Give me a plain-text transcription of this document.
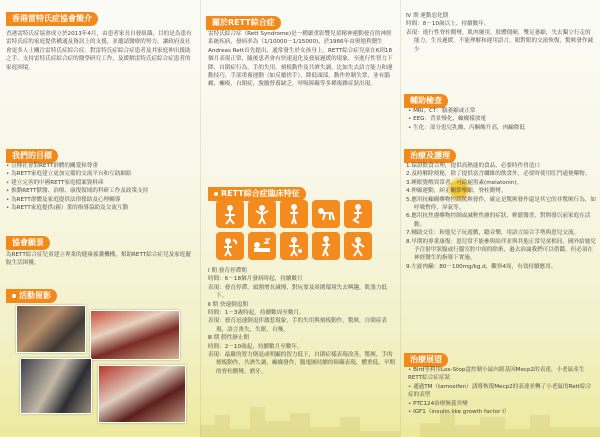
香港雷特氏症協會簡介

香港雷特氏症協會成立於2013年4月，由患者家長自發組織，目的是為患有雷特氏症的家庭提供構通及資訊上的支援，並邀請醫療的努力，讓政府及社會更多人士關注雷特氏症綜合症。對雷特氏症綜合症患者及其家庭伸出援助之手，支持雷特氏症綜合症的醫學研究工作，及緩解雷特氏症綜合症患者的家庭困境。

我們的目標
• 宣傳社會對RETT群體的關愛和尊重
• 為RETT家庭建立更加完備的交流平台和互助網絡
• 建立完善的中國RETT家庭檔案資料庫
• 推動RETT獸醫、治療、康復領域的科研工作及政策支持
• 為RETT群體及家庭提供法律援助及心理輔導
• 為RETT家庭提供(親）業的指導協助及交流互動
協會願景

為RETT綜合症兒童建立專業的健康養護機構，幫助RETT綜合症兒及家庭擺脫生活困擾。

活動留影
關於RETT綜合症

雷特氏綜合症（Rett Syndrome)是一種嚴重影響兒童精神運動發育的神經系統疾病，發病率為（1/10000－1/15000)，於1966年由奧地利醫生Andreas Rett首先提出，通常發生於女孩身上。RETT綜合症兒童在6到18個月表現正常，隨後患者會有快速退化及發展遲緩的現象，至進行性智力下降，自閉症行為，手的失用，刻板動作及共濟失調，比如失去語言能力和運動技巧，手部重複運動（如反覆搓手），降低頭部，動作控制失常，並有腦癇，癱瘓，自閉症，脫髓營養缺乏，呼吸障礙等多種複雜症狀出現。

RETT綜合症臨床特征
Ⅰ 期 發育停滯期
時間：6－18個月發病時起，持續數月
表現：發育停滯，頭圍增長減慢，對玩耍及周圍環境失去興趣，肌張力低下。
Ⅱ 期 快速倒退期
時間：1－3歲時起，持續數周至數月。
表現：發育迅速倒退伴激惹現象，手的失用與刻板動作，驚厥，自閉症表現，語言喪失，失眠，自殘。
Ⅲ 期 假性靜止期
時間：2－10歲起，持續數月至數年。
表現：最嚴的智力倒退或明顯的智力低下，自閉症樣表現改善，驚厥，手的刻板動作，共濟失調，癲癇發作，腦電圖持續的障礙表現，體重低，早期的脊柱側彎，磨牙。
Ⅳ 期 運動惡化期
時間：8－10歲以上，持續數年。
表現：進行性脊柱側彎，肌肉廢用，肢體僵硬，雙足萎縮，失去獨立行走的能力，生長遲緩，不能理解和運用語言，眼對眼的交流恢復，驚厥發作減少
輔助檢查
• MRI，CT：腦萎縮或正常
• EEG：背景慢化，癲癇樣放電
• 生化：部分患兒乳酸、丙酮酸升高，肉鹼降低
治療及護理
1.保證飲食合理，提供高熱能的食品，必要時作胃造口
2.及時解除便秘，除了提供富含纖維的飲食外，必要時使用肛門通便藥物。
3.睡眠覺醒異常者，可給褪黑素(melatonin)。
4.伸縮運動，糾正關節攣縮，脊柱側彎。
5.應用抗癲癇藥物控制驚厥發作，確定是驚厥發作還是其它的非驚厥行為，如呼吸暫停，屏氣等。
6.應用抗焦慮藥物控制或減輕焦慮的症狀，輕鬆醫書，對開發以前家庭在活動。
7.輔助交往：和他兒子玩遊戲，聽音樂，用語言結合手勢與患兒交流。
8.早期的專業康復：患兒常不能參與結伴並與其他正常兒童相同，國外給她兒予注射甲狀腺或行腦室腔中頸的除術，過去治論我們可以借鑑，但必須在神經醫生的指導下實施。
9.左旋肉鹼：80－100mg/kg.d，觀察4周，有效持續應用。
治療展望
• Bird等利用Lox-Stop盒控制小鼠內源基因Mecp2的表達，小老鼠產生RETT綜合症症狀
• 通過TM（tamoxifen）誘導恢復Mecp2的表達並轉了小老鼠的Rett綜合症的表型
• PTC124治療無義突變
• IGF1（insulin like growth factor I）
